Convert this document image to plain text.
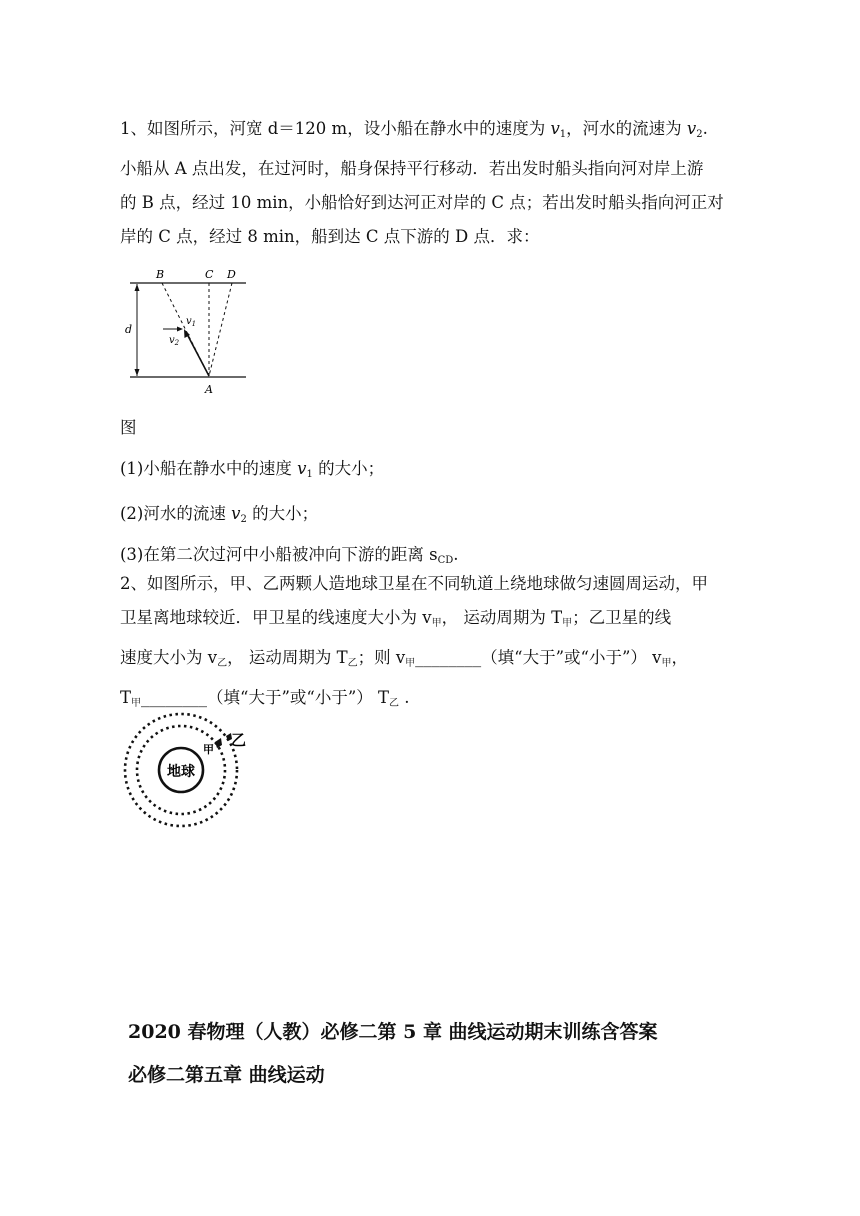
1、如图所示，河宽 d＝120 m，设小船在静水中的速度为 $v_1$，河水的流速为 $v_2$.
小船从 A 点出发，在过河时，船身保持平行移动．若出发时船头指向河对岸上游
的 B 点，经过 10 min，小船恰好到达河正对岸的 C 点；若出发时船头指向河正对
岸的 C 点，经过 8 min，船到达 C 点下游的 D 点．求：
B	C D
A
d
$v_1$
$v_2$
图
(1)小船在静水中的速度 $v_1$ 的大小；
(2)河水的流速 $v_2$ 的大小；
(3)在第二次过河中小船被冲向下游的距离 $s_{CD}$.
2、如图所示，甲、乙两颗人造地球卫星在不同轨道上绕地球做匀速圆周运动，甲
卫星离地球较近．甲卫星的线速度大小为 $v_甲$， 运动周期为 $T_甲$；乙卫星的线
速度大小为 $v_乙$， 运动周期为 $T_乙$；则 $v_甲\_\_\_\_\_\_\_\_$（填“大于”或“小于”） $v_甲$，
$T_甲\_\_\_\_\_\_\_\_$（填“大于”或“小于”） $T_乙$ .
地球
甲
乙
2020 春物理（人教）必修二第 5 章 曲线运动期末训练含答案
必修二第五章 曲线运动
